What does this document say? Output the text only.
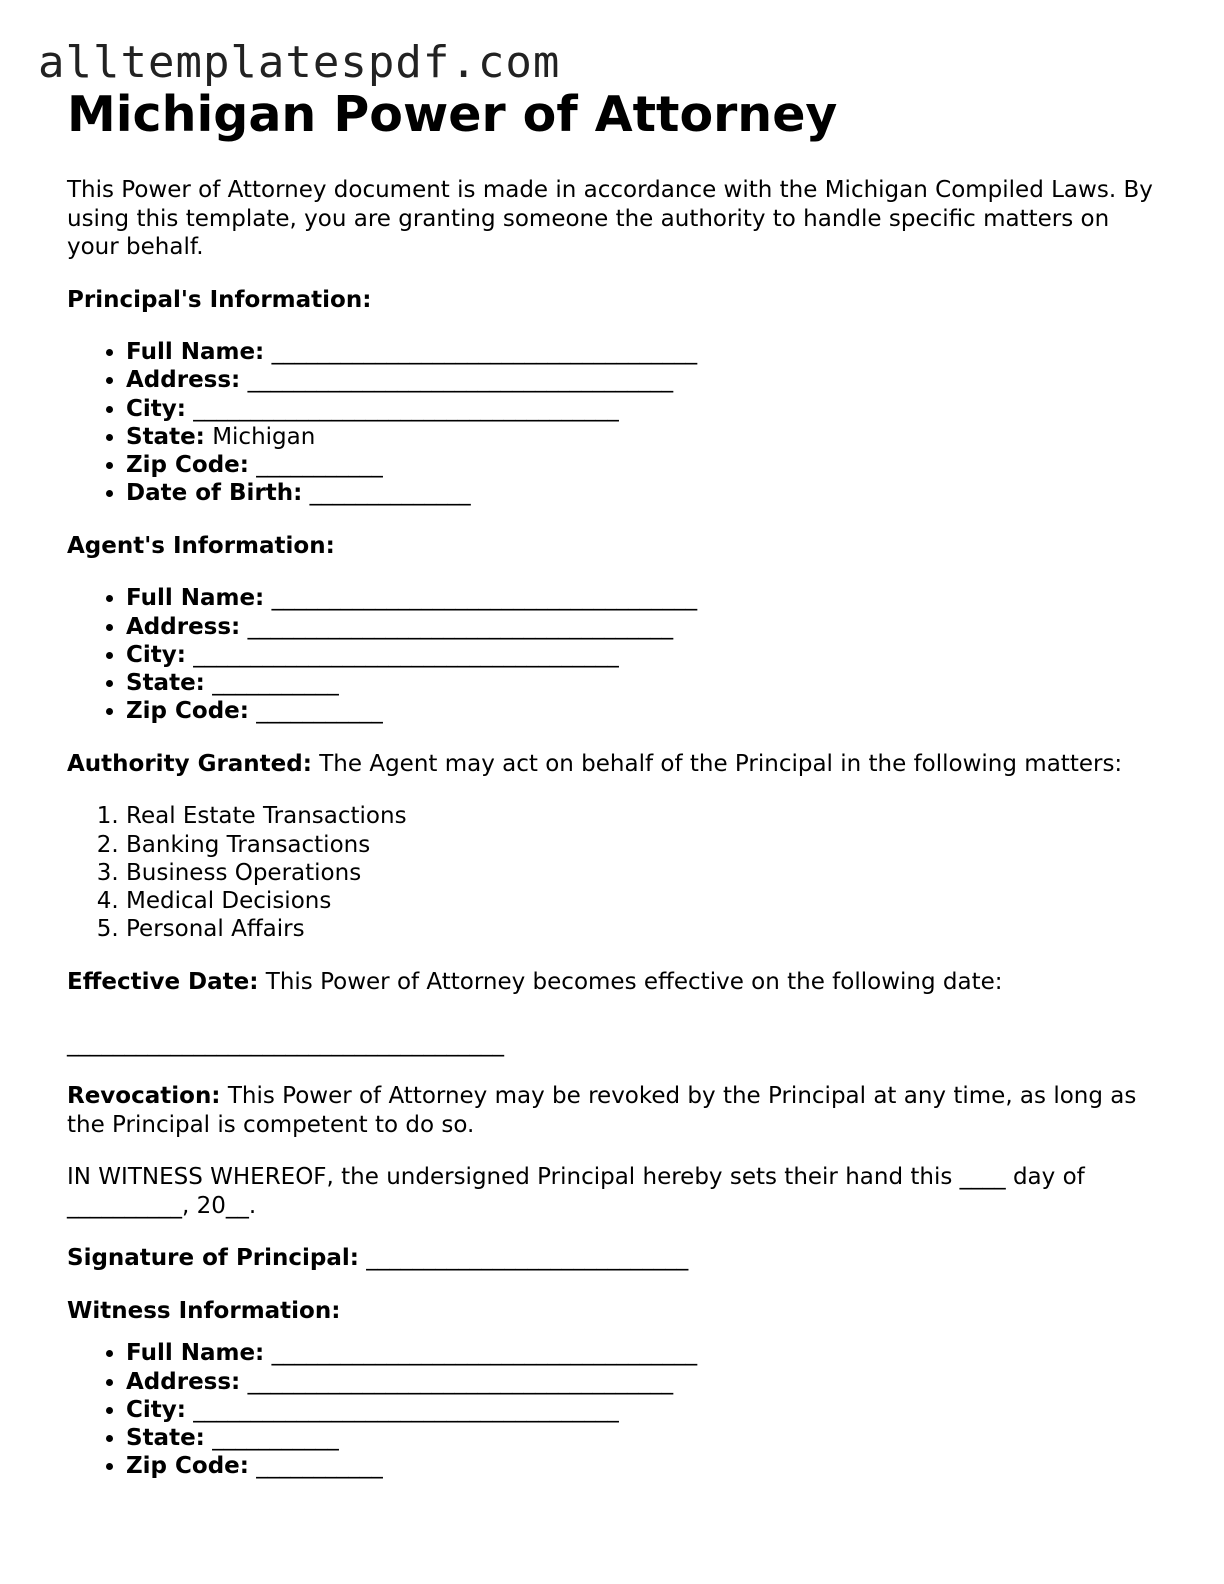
alltemplatespdf.com
Michigan Power of Attorney

This Power of Attorney document is made in accordance with the Michigan Compiled Laws. By using this template, you are granting someone the authority to handle specific matters on your behalf.

Principal's Information:

• Full Name: _____________________________________
• Address: _____________________________________
• City: _____________________________________
• State: Michigan
• Zip Code: ___________
• Date of Birth: ______________

Agent's Information:

• Full Name: _____________________________________
• Address: _____________________________________
• City: _____________________________________
• State: ___________
• Zip Code: ___________

Authority Granted: The Agent may act on behalf of the Principal in the following matters:

1. Real Estate Transactions
2. Banking Transactions
3. Business Operations
4. Medical Decisions
5. Personal Affairs

Effective Date: This Power of Attorney becomes effective on the following date:

______________________________________

Revocation: This Power of Attorney may be revoked by the Principal at any time, as long as the Principal is competent to do so.

IN WITNESS WHEREOF, the undersigned Principal hereby sets their hand this ____ day of __________, 20__.

Signature of Principal: ____________________________

Witness Information:

• Full Name: _____________________________________
• Address: _____________________________________
• City: _____________________________________
• State: ___________
• Zip Code: ___________
